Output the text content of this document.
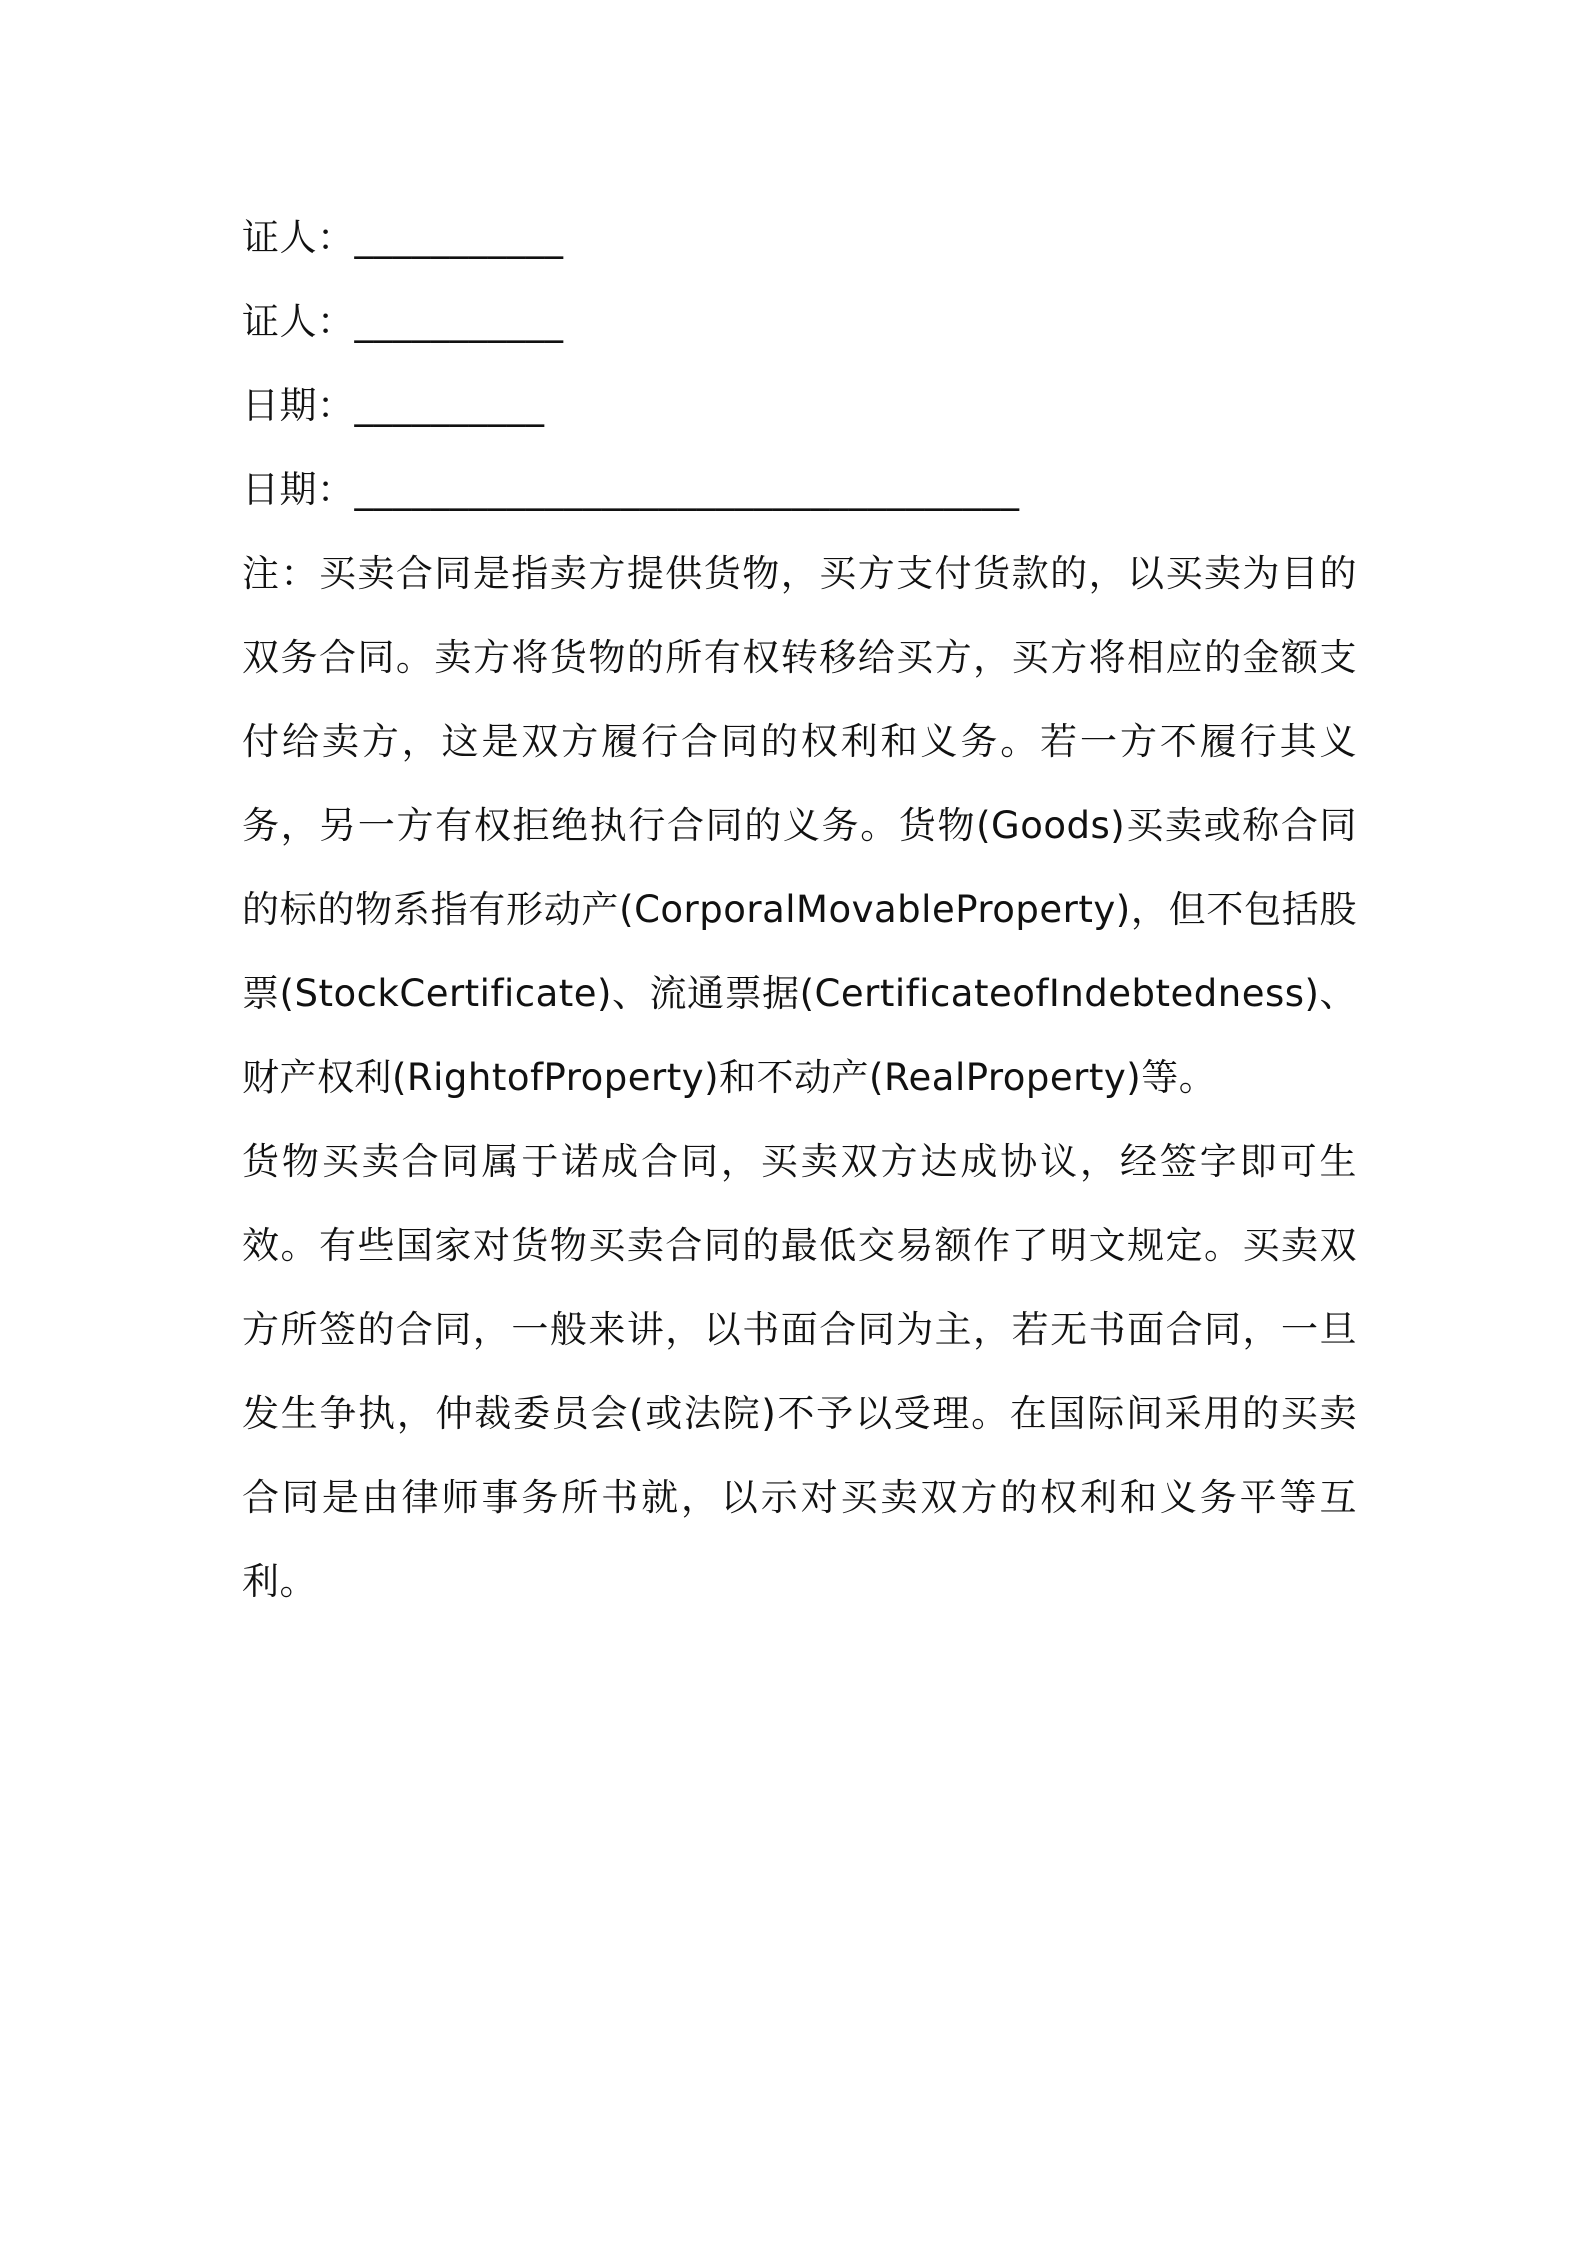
证人：___________
证人：___________
日期：__________
日期：___________________________________

注：买卖合同是指卖方提供货物，买方支付货款的，以买卖为目的双务合同。卖方将货物的所有权转移给买方，买方将相应的金额支付给卖方，这是双方履行合同的权利和义务。若一方不履行其义务，另一方有权拒绝执行合同的义务。货物(Goods)买卖或称合同的标的物系指有形动产(CorporalMovableProperty)，但不包括股票(StockCertificate)、流通票据(CertificateofIndebtedness)、财产权利(RightofProperty)和不动产(RealProperty)等。

货物买卖合同属于诺成合同，买卖双方达成协议，经签字即可生效。有些国家对货物买卖合同的最低交易额作了明文规定。买卖双方所签的合同，一般来讲，以书面合同为主，若无书面合同，一旦发生争执，仲裁委员会(或法院)不予以受理。在国际间采用的买卖合同是由律师事务所书就，以示对买卖双方的权利和义务平等互利。
